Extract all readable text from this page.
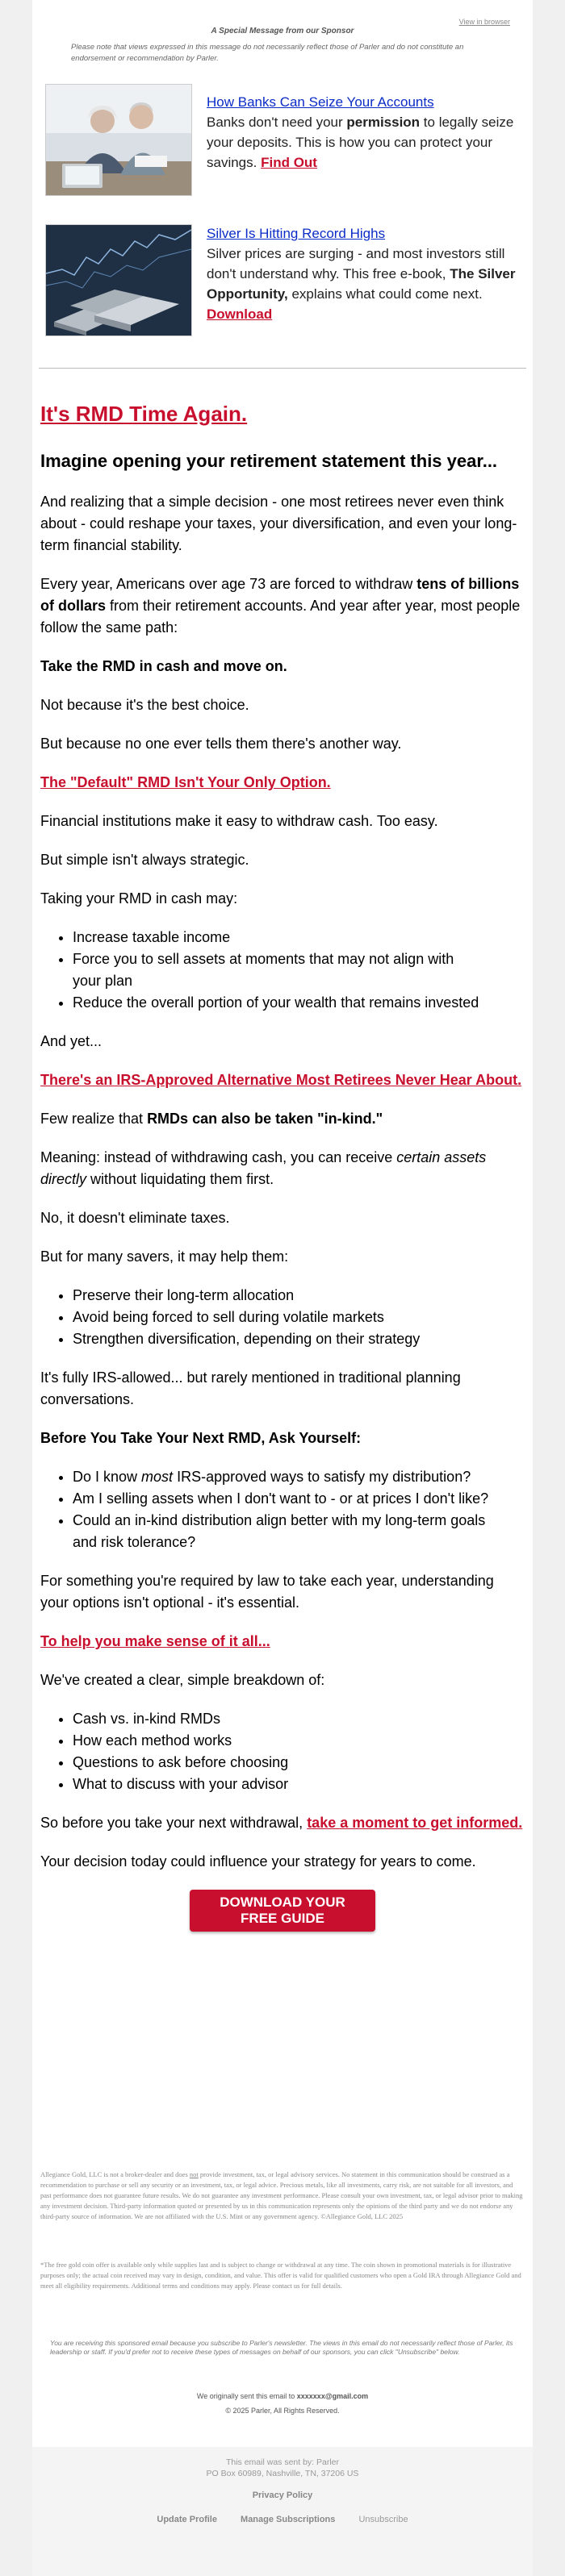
View in browser
A Special Message from our Sponsor
Please note that views expressed in this message do not necessarily reflect those of Parler and do not constitute an endorsement or recommendation by Parler.
How Banks Can Seize Your Accounts
Banks don't need your permission to legally seize your deposits. This is how you can protect your savings. Find Out
Silver Is Hitting Record Highs
Silver prices are surging - and most investors still don't understand why. This free e-book, The Silver Opportunity, explains what could come next. Download
It's RMD Time Again.
Imagine opening your retirement statement this year...

And realizing that a simple decision - one most retirees never even think about - could reshape your taxes, your diversification, and even your long-term financial stability.

Every year, Americans over age 73 are forced to withdraw tens of billions of dollars from their retirement accounts. And year after year, most people follow the same path:

Take the RMD in cash and move on.

Not because it's the best choice.

But because no one ever tells them there's another way.

The "Default" RMD Isn't Your Only Option.

Financial institutions make it easy to withdraw cash. Too easy.

But simple isn't always strategic.

Taking your RMD in cash may:

• Increase taxable income
• Force you to sell assets at moments that may not align with your plan
• Reduce the overall portion of your wealth that remains invested

And yet...

There's an IRS-Approved Alternative Most Retirees Never Hear About.

Few realize that RMDs can also be taken "in-kind."

Meaning: instead of withdrawing cash, you can receive certain assets directly without liquidating them first.

No, it doesn't eliminate taxes.

But for many savers, it may help them:

• Preserve their long-term allocation
• Avoid being forced to sell during volatile markets
• Strengthen diversification, depending on their strategy

It's fully IRS-allowed... but rarely mentioned in traditional planning conversations.

Before You Take Your Next RMD, Ask Yourself:

• Do I know most IRS-approved ways to satisfy my distribution?
• Am I selling assets when I don't want to - or at prices I don't like?
• Could an in-kind distribution align better with my long-term goals and risk tolerance?

For something you're required by law to take each year, understanding your options isn't optional - it's essential.

To help you make sense of it all...

We've created a clear, simple breakdown of:

• Cash vs. in-kind RMDs
• How each method works
• Questions to ask before choosing
• What to discuss with your advisor

So before you take your next withdrawal, take a moment to get informed.

Your decision today could influence your strategy for years to come.

DOWNLOAD YOUR
FREE GUIDE
Allegiance Gold, LLC is not a broker-dealer and does not provide investment, tax, or legal advisory services. No statement in this communication should be construed as a recommendation to purchase or sell any security or an investment, tax, or legal advice. Precious metals, like all investments, carry risk, are not suitable for all investors, and past performance does not guarantee future results. We do not guarantee any investment performance. Please consult your own investment, tax, or legal advisor prior to making any investment decision. Third-party information quoted or presented by us in this communication represents only the opinions of the third party and we do not endorse any third-party source of information. We are not affiliated with the U.S. Mint or any government agency. ©Allegiance Gold, LLC 2025
*The free gold coin offer is available only while supplies last and is subject to change or withdrawal at any time. The coin shown in promotional materials is for illustrative purposes only; the actual coin received may vary in design, condition, and value. This offer is valid for qualified customers who open a Gold IRA through Allegiance Gold and meet all eligibility requirements. Additional terms and conditions may apply. Please contact us for full details.
You are receiving this sponsored email because you subscribe to Parler's newsletter. The views in this email do not necessarily reflect those of Parler, its leadership or staff. If you'd prefer not to receive these types of messages on behalf of our sponsors, you can click "Unsubscribe" below.
We originally sent this email to xxxxxxx@gmail.com
© 2025 Parler, All Rights Reserved.
This email was sent by: Parler
PO Box 60989, Nashville, TN, 37206 US
Privacy Policy
Update Profile	Manage Subscriptions	Unsubscribe
